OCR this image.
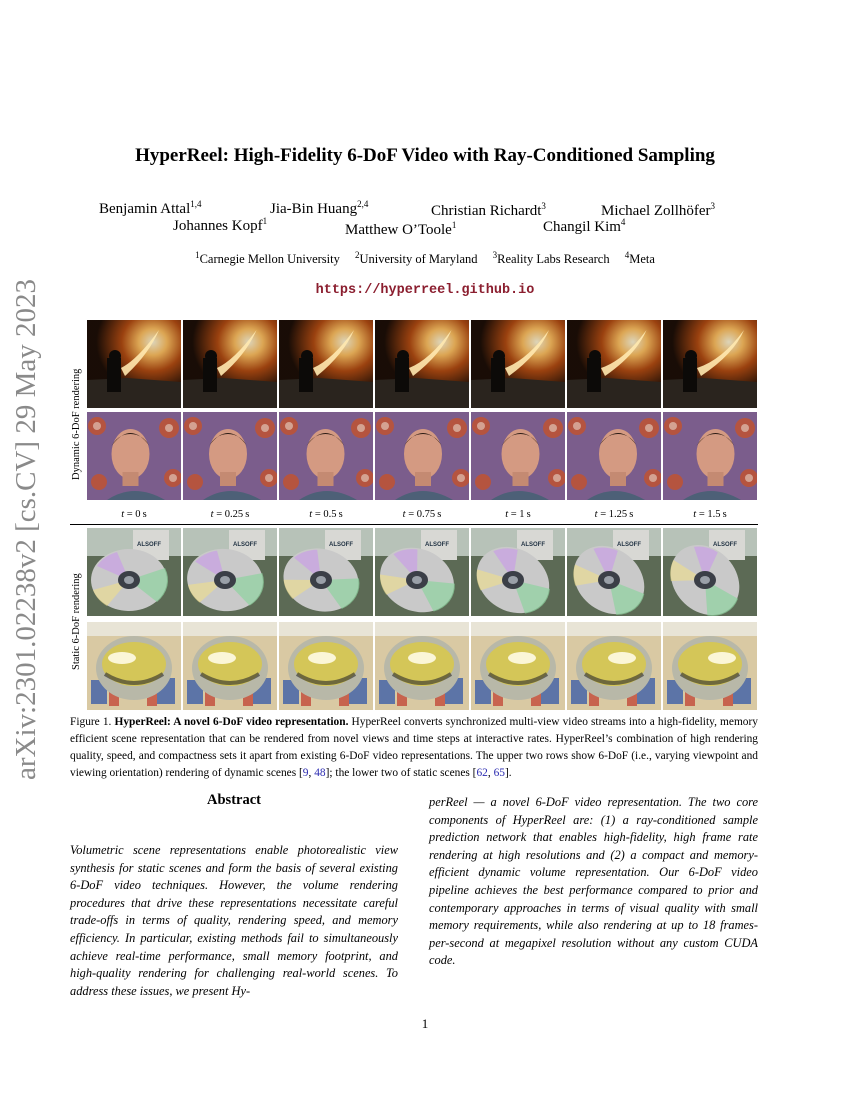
arXiv:2301.02238v2 [cs.CV] 29 May 2023
HyperReel: High-Fidelity 6-DoF Video with Ray-Conditioned Sampling
Benjamin Attal$^{1,4}$	Jia-Bin Huang$^{2,4}$	Christian Richardt$^3$	Michael Zollhöfer$^3$
Johannes Kopf$^1$
Matthew O’Toole$^1$	Changil Kim$^4$
$^1$Carnegie Mellon University $^2$University of Maryland $^3$Reality Labs Research $^4$Meta
https://hyperreel.github.io
Dynamic 6-DoF rendering
Static 6-DoF rendering
ALSOFF	ALSOFF	ALSOFF	ALSOFF	ALSOFF	ALSOFF	ALSOFF
t = 0 s	t = 0.25 s	t = 0.5 s	t = 0.75 s	t = 1 s	t = 1.25 s	t = 1.5 s
Figure 1. HyperReel: A novel 6-DoF video representation. HyperReel converts synchronized multi-view video streams into a high-fidelity, memory efficient scene representation that can be rendered from novel views and time steps at interactive rates. HyperReel’s combination of high rendering quality, speed, and compactness sets it apart from existing 6-DoF video representations. The upper two rows show 6-DoF (i.e., varying viewpoint and viewing orientation) rendering of dynamic scenes [9, 48]; the lower two of static scenes [62, 65].
Abstract
Volumetric scene representations enable photorealistic view synthesis for static scenes and form the basis of several existing 6-DoF video techniques. However, the volume rendering procedures that drive these representations necessitate careful trade-offs in terms of quality, rendering speed, and memory efficiency. In particular, existing methods fail to simultaneously achieve real-time performance, small memory footprint, and high-quality rendering for challenging real-world scenes. To address these issues, we present Hy-
perReel — a novel 6-DoF video representation. The two core components of HyperReel are: (1) a ray-conditioned sample prediction network that enables high-fidelity, high frame rate rendering at high resolutions and (2) a compact and memory-efficient dynamic volume representation. Our 6-DoF video pipeline achieves the best performance compared to prior and contemporary approaches in terms of visual quality with small memory requirements, while also rendering at up to 18 frames-per-second at megapixel resolution without any custom CUDA code.
1
